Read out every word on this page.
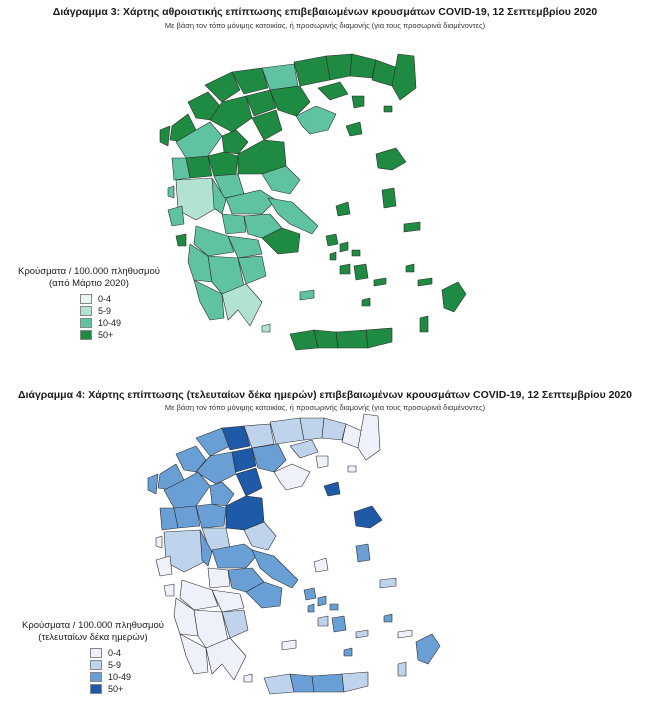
Διάγραμμα 3: Χάρτης αθροιστικής επίπτωσης επιβεβαιωμένων κρουσμάτων COVID-19, 12 Σεπτεμβρίου 2020
Με βάση τον τόπο μόνιμης κατοικίας, ή προσωρινής διαμονής (για τους προσωρινά διαμένοντες)
Κρούσματα / 100.000 πληθυσμού
(από Μάρτιο 2020)
0-4
5-9
10-49
50+
Διάγραμμα 4: Χάρτης επίπτωσης (τελευταίων δέκα ημερών) επιβεβαιωμένων κρουσμάτων COVID-19, 12 Σεπτεμβρίου 2020
Με βάση τον τόπο μόνιμης κατοικίας, ή προσωρινής διαμονής (για τους προσωρινά διαμένοντες)
Κρούσματα / 100.000 πληθυσμού
(τελευταίων δέκα ημερών)
0-4
5-9
10-49
50+
